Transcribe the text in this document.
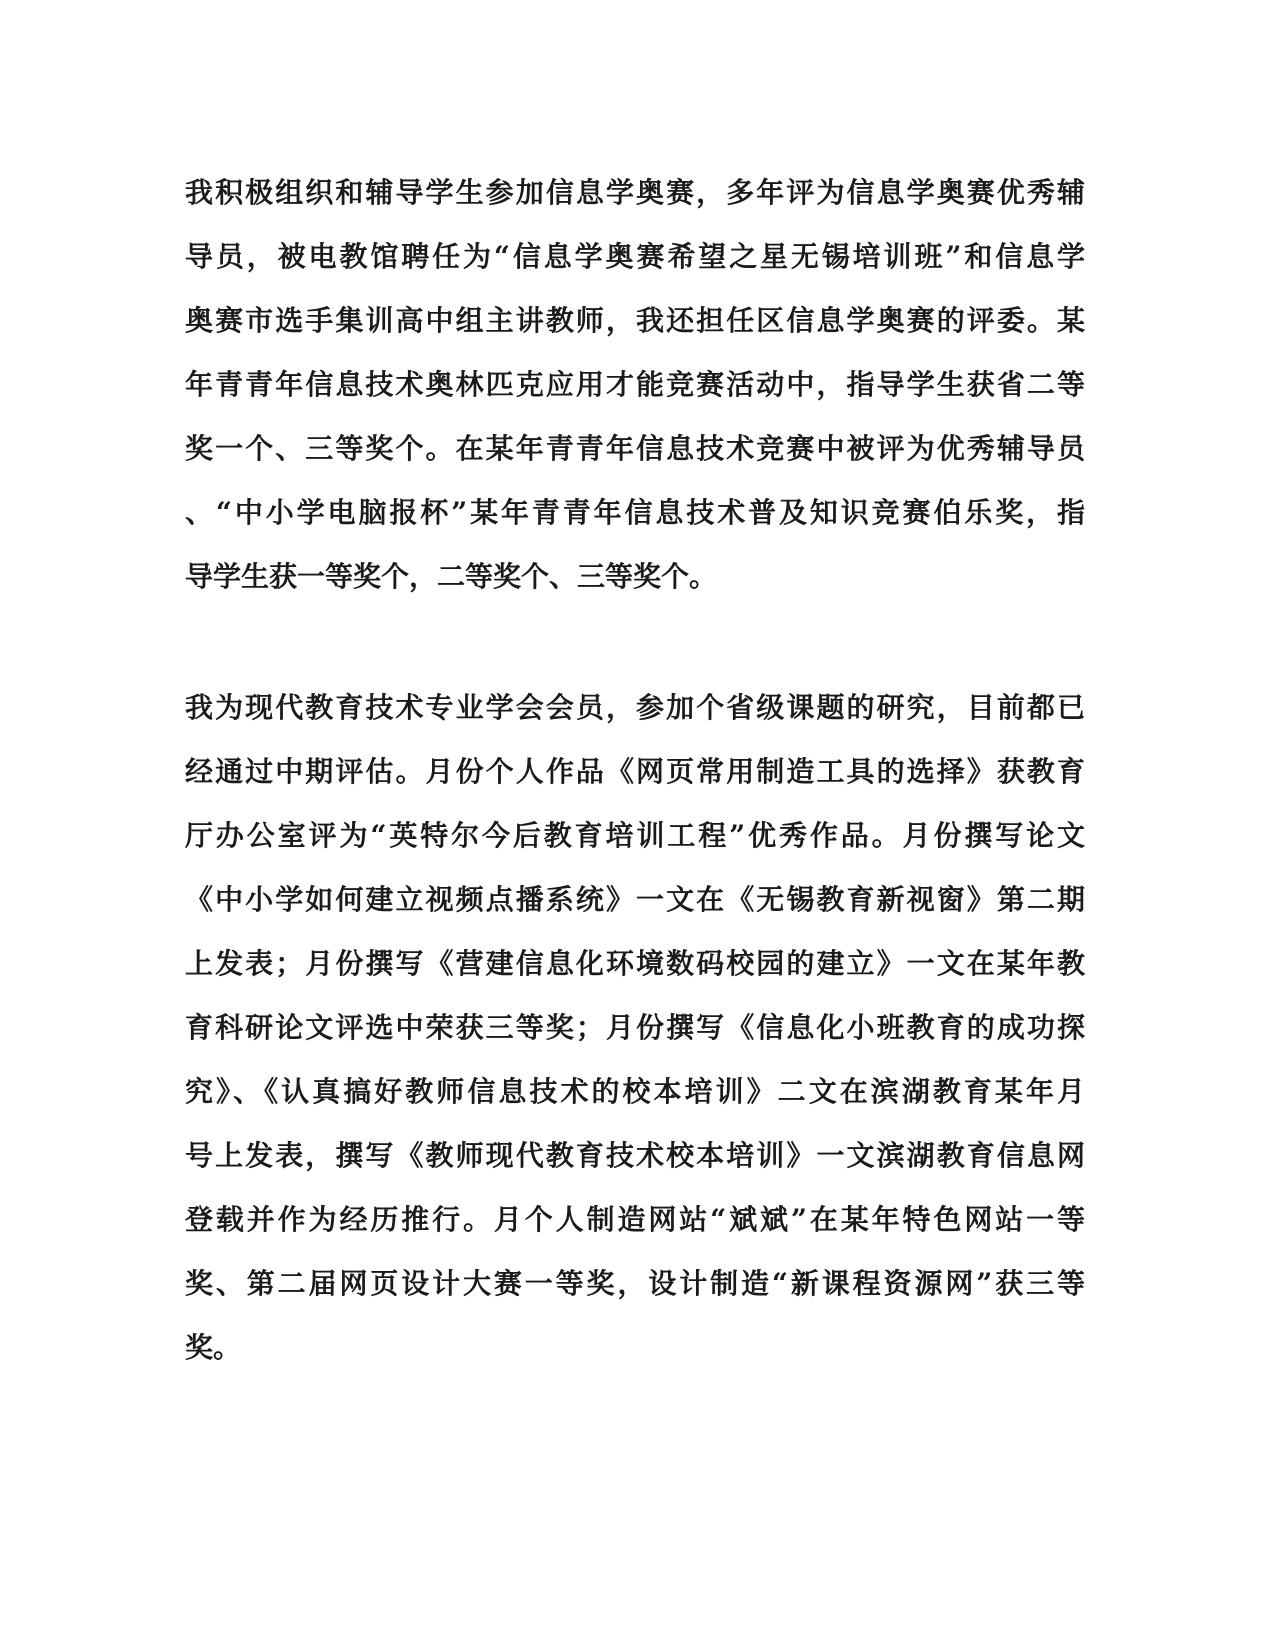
我积极组织和辅导学生参加信息学奥赛，多年评为信息学奥赛优秀辅
导员，被电教馆聘任为“信息学奥赛希望之星无锡培训班”和信息学
奥赛市选手集训高中组主讲教师，我还担任区信息学奥赛的评委。某
年青青年信息技术奥林匹克应用才能竞赛活动中，指导学生获省二等
奖一个、三等奖个。在某年青青年信息技术竞赛中被评为优秀辅导员
、“中小学电脑报杯”某年青青年信息技术普及知识竞赛伯乐奖，指
导学生获一等奖个，二等奖个、三等奖个。
我为现代教育技术专业学会会员，参加个省级课题的研究，目前都已
经通过中期评估。月份个人作品《网页常用制造工具的选择》获教育
厅办公室评为“英特尔今后教育培训工程”优秀作品。月份撰写论文
《中小学如何建立视频点播系统》一文在《无锡教育新视窗》第二期
上发表；月份撰写《营建信息化环境数码校园的建立》一文在某年教
育科研论文评选中荣获三等奖；月份撰写《信息化小班教育的成功探
究》、《认真搞好教师信息技术的校本培训》二文在滨湖教育某年月
号上发表，撰写《教师现代教育技术校本培训》一文滨湖教育信息网
登载并作为经历推行。月个人制造网站“斌斌”在某年特色网站一等
奖、第二届网页设计大赛一等奖，设计制造“新课程资源网”获三等
奖。
